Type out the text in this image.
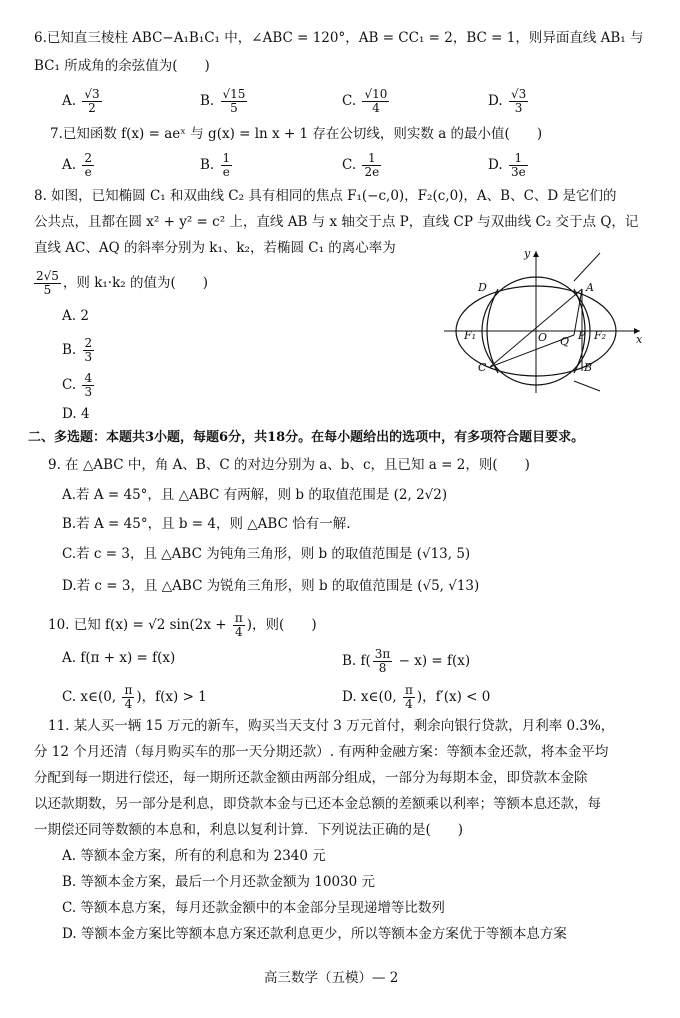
6.已知直三棱柱 ABC−A₁B₁C₁ 中，∠ABC = 120°，AB = CC₁ = 2，BC = 1，则异面直线 AB₁ 与
BC₁ 所成角的余弦值为(　　)
A. $\frac{√3}{2}$	B. $\frac{√15}{5}$	C. $\frac{√10}{4}$	D. $\frac{√3}{3}$
7.已知函数 f(x) = aeˣ 与 g(x) = ln x + 1 存在公切线，则实数 a 的最小值(　　)
A. $\frac{2}{e}$	B. $\frac{1}{e}$	C. $\frac{1}{2e}$	D. $\frac{1}{3e}$
8. 如图，已知椭圆 C₁ 和双曲线 C₂ 具有相同的焦点 F₁(−c,0)，F₂(c,0)，A、B、C、D 是它们的
公共点，且都在圆 x² + y² = c² 上，直线 AB 与 x 轴交于点 P，直线 CP 与双曲线 C₂ 交于点 Q，记
直线 AC、AQ 的斜率分别为 k₁、k₂，若椭圆 C₁ 的离心率为
$\frac{2√5}{5}$ ，则 k₁·k₂ 的值为(　　)
A. 2
B. $\frac{2}{3}$
C. $\frac{4}{3}$
D. 4
y
x
O
A
B
C
D
P
Q
F₁	F₂
二、多选题：本题共3小题，每题6分，共18分。在每小题给出的选项中，有多项符合题目要求。
9. 在 △ABC 中，角 A、B、C 的对边分别为 a、b、c，且已知 a = 2，则(　　)
A.若 A = 45°，且 △ABC 有两解，则 b 的取值范围是 (2, 2√2)
B.若 A = 45°，且 b = 4，则 △ABC 恰有一解.
C.若 c = 3，且 △ABC 为钝角三角形，则 b 的取值范围是 (√13, 5)
D.若 c = 3，且 △ABC 为锐角三角形，则 b 的取值范围是 (√5, √13)
10. 已知 f(x) = √2 $\sin(2x + \frac{\pi}{4}$ )，则(　　)
A. f(π + x) = f(x)	B. $f( \frac{3\pi}{8} - x) = f(x)$
C. x∈(0, $\frac{\pi}{4}$ )，f(x) > 1	D. x∈(0, $\frac{\pi}{4}$ )，f′(x) < 0
11. 某人买一辆 15 万元的新车，购买当天支付 3 万元首付，剩余向银行贷款，月利率 0.3%，
分 12 个月还清（每月购买车的那一天分期还款）. 有两种金融方案：等额本金还款，将本金平均
分配到每一期进行偿还，每一期所还款金额由两部分组成，一部分为每期本金，即贷款本金除
以还款期数，另一部分是利息，即贷款本金与已还本金总额的差额乘以利率；等额本息还款，每
一期偿还同等数额的本息和，利息以复利计算．下列说法正确的是(　　)
A. 等额本金方案，所有的利息和为 2340 元
B. 等额本金方案，最后一个月还款金额为 10030 元
C. 等额本息方案，每月还款金额中的本金部分呈现递增等比数列
D. 等额本金方案比等额本息方案还款利息更少，所以等额本金方案优于等额本息方案
高三数学（五模）— 2
